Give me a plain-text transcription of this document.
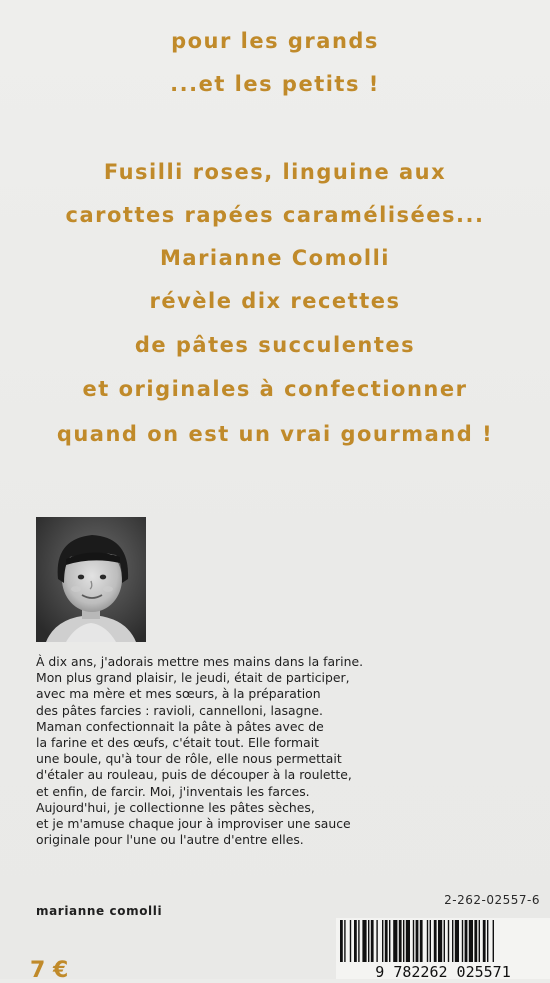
pour les grands
...et les petits !
Fusilli roses, linguine aux
carottes rapées caramélisées...
Marianne Comolli
révèle dix recettes
de pâtes succulentes
et originales à confectionner
quand on est un vrai gourmand !
À dix ans, j'adorais mettre mes mains dans la farine.
Mon plus grand plaisir, le jeudi, était de participer,
avec ma mère et mes sœurs, à la préparation
des pâtes farcies : ravioli, cannelloni, lasagne.
Maman confectionnait la pâte à pâtes avec de
la farine et des œufs, c'était tout. Elle formait
une boule, qu'à tour de rôle, elle nous permettait
d'étaler au rouleau, puis de découper à la roulette,
et enfin, de farcir. Moi, j'inventais les farces.
Aujourd'hui, je collectionne les pâtes sèches,
et je m'amuse chaque jour à improviser une sauce
originale pour l'une ou l'autre d'entre elles.
marianne comolli
2-262-02557-6
9 782262 025571
7 €
